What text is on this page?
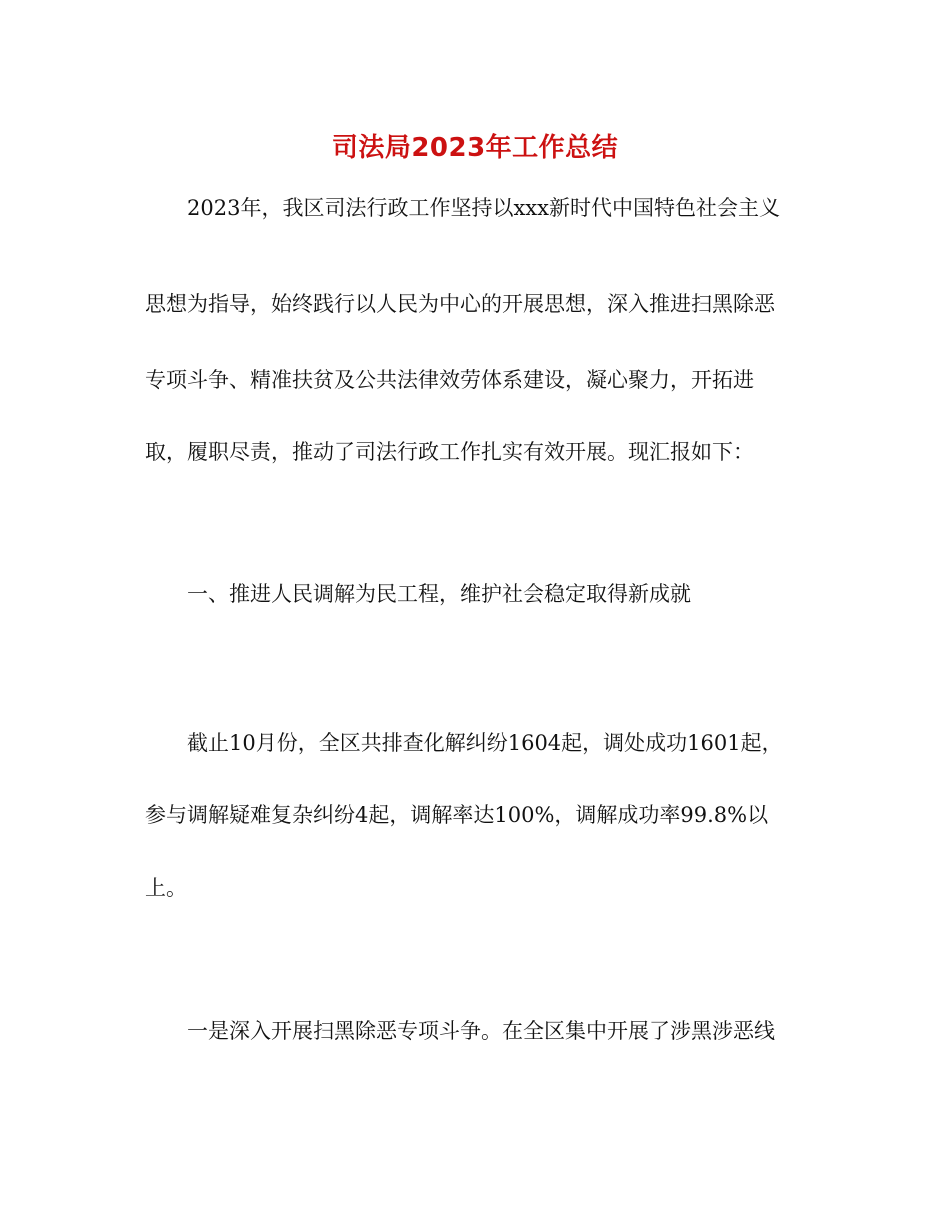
司法局2023年工作总结

2023年，我区司法行政工作坚持以xxx新时代中国特色社会主义

思想为指导，始终践行以人民为中心的开展思想，深入推进扫黑除恶

专项斗争、精准扶贫及公共法律效劳体系建设，凝心聚力，开拓进

取，履职尽责，推动了司法行政工作扎实有效开展。现汇报如下：

一、推进人民调解为民工程，维护社会稳定取得新成就

截止10月份，全区共排查化解纠纷1604起，调处成功1601起，

参与调解疑难复杂纠纷4起，调解率达100%，调解成功率99.8%以

上。

一是深入开展扫黑除恶专项斗争。在全区集中开展了涉黑涉恶线
